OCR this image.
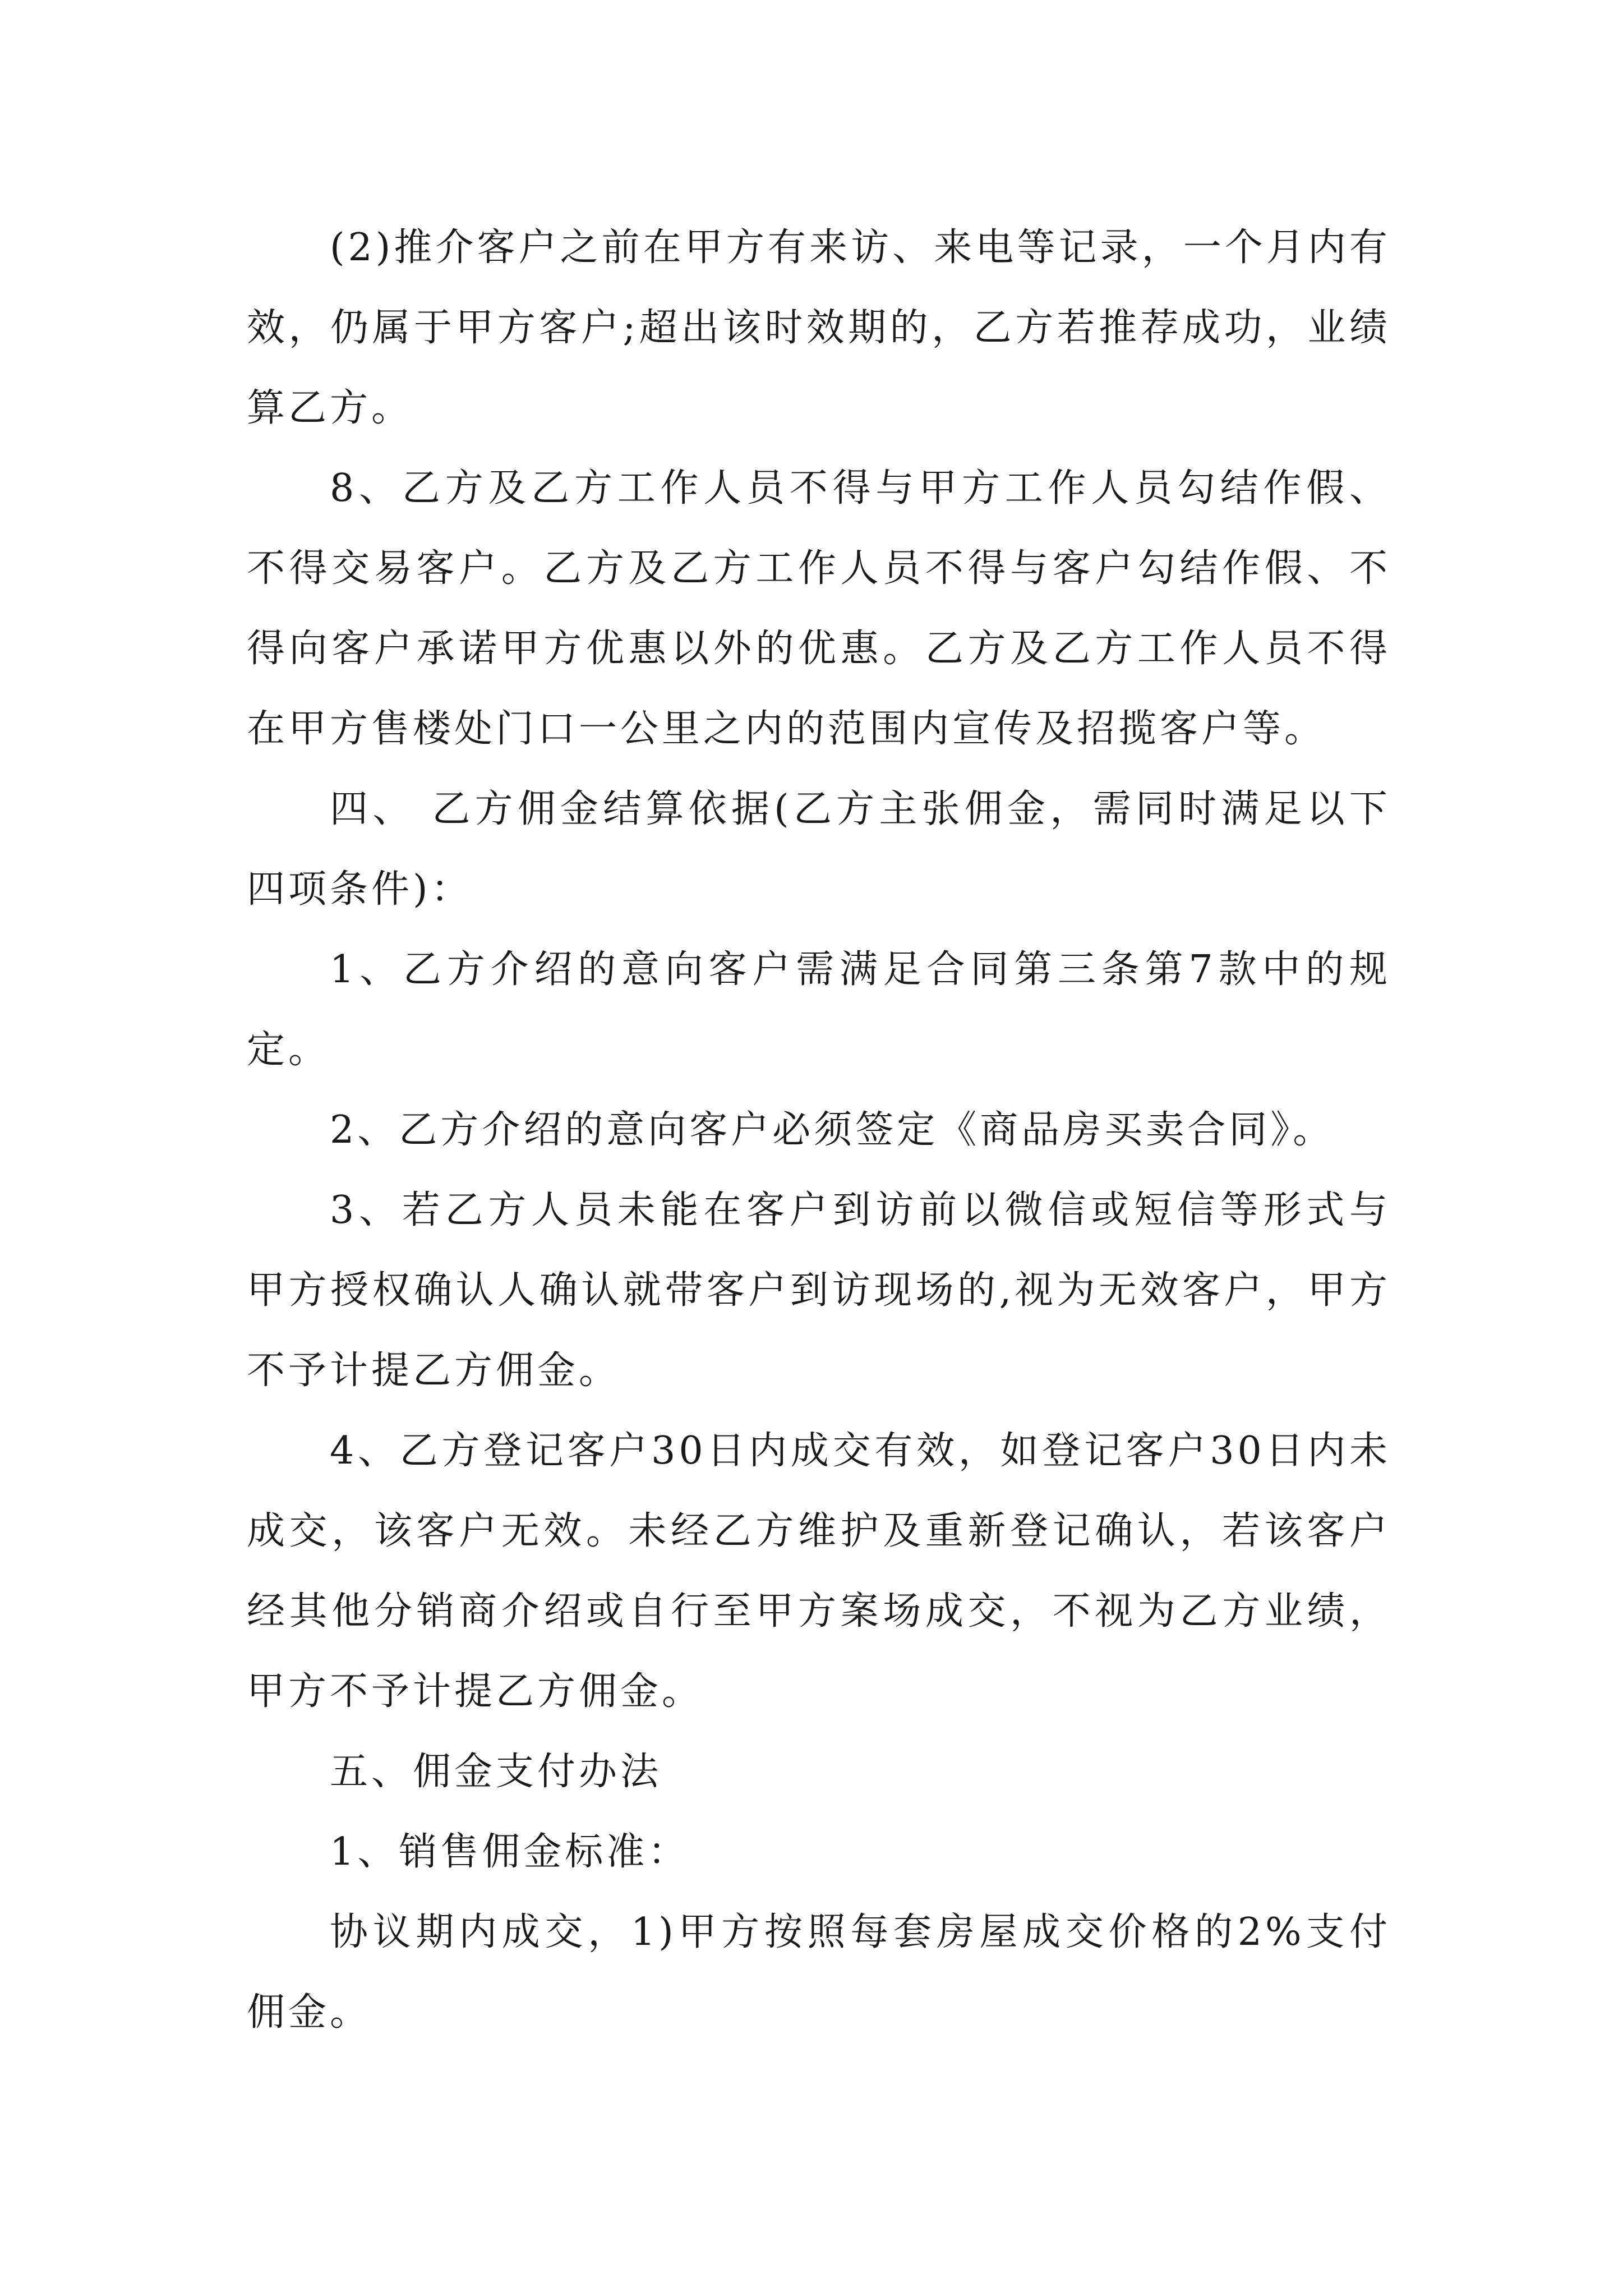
(2)推介客户之前在甲方有来访、来电等记录，一个月内有效，仍属于甲方客户;超出该时效期的，乙方若推荐成功，业绩算乙方。

8、乙方及乙方工作人员不得与甲方工作人员勾结作假、不得交易客户。乙方及乙方工作人员不得与客户勾结作假、不得向客户承诺甲方优惠以外的优惠。乙方及乙方工作人员不得在甲方售楼处门口一公里之内的范围内宣传及招揽客户等。

四、 乙方佣金结算依据(乙方主张佣金，需同时满足以下四项条件)：

1、乙方介绍的意向客户需满足合同第三条第7款中的规定。

2、乙方介绍的意向客户必须签定《商品房买卖合同》。

3、若乙方人员未能在客户到访前以微信或短信等形式与甲方授权确认人确认就带客户到访现场的,视为无效客户，甲方不予计提乙方佣金。

4、乙方登记客户30日内成交有效，如登记客户30日内未成交，该客户无效。未经乙方维护及重新登记确认，若该客户经其他分销商介绍或自行至甲方案场成交，不视为乙方业绩，甲方不予计提乙方佣金。

五、佣金支付办法

1、销售佣金标准：

协议期内成交，1)甲方按照每套房屋成交价格的2%支付佣金。
